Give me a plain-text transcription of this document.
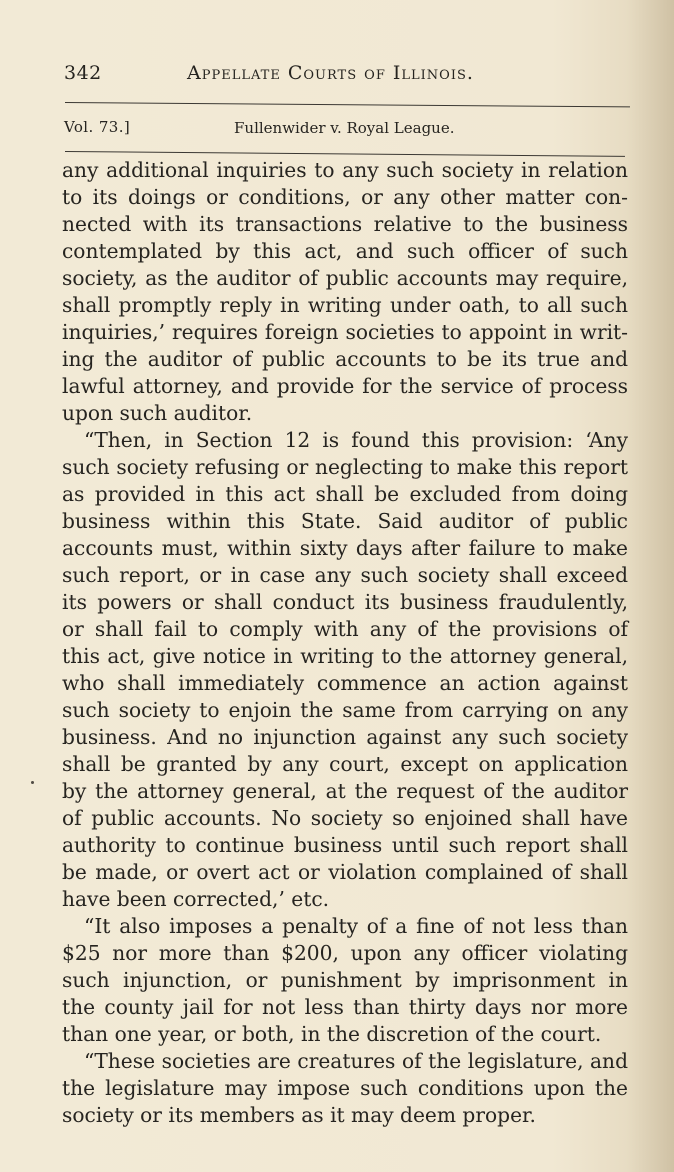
342	Appellate Courts of Illinois.
Vol. 73.]	Fullenwider v. Royal League.
any additional inquiries to any such society in relation
to its doings or conditions, or any other matter con-
nected with its transactions relative to the business
contemplated by this act, and such officer of such
society, as the auditor of public accounts may require,
shall promptly reply in writing under oath, to all such
inquiries,’ requires foreign societies to appoint in writ-
ing the auditor of public accounts to be its true and
lawful attorney, and provide for the service of process
upon such auditor.
“Then, in Section 12 is found this provision: ‘Any
such society refusing or neglecting to make this report
as provided in this act shall be excluded from doing
business within this State. Said auditor of public
accounts must, within sixty days after failure to make
such report, or in case any such society shall exceed
its powers or shall conduct its business fraudulently,
or shall fail to comply with any of the provisions of
this act, give notice in writing to the attorney general,
who shall immediately commence an action against
such society to enjoin the same from carrying on any
business. And no injunction against any such society
shall be granted by any court, except on application
by the attorney general, at the request of the auditor
of public accounts. No society so enjoined shall have
authority to continue business until such report shall
be made, or overt act or violation complained of shall
have been corrected,’ etc.
“It also imposes a penalty of a fine of not less than
$25 nor more than $200, upon any officer violating
such injunction, or punishment by imprisonment in
the county jail for not less than thirty days nor more
than one year, or both, in the discretion of the court.
“These societies are creatures of the legislature, and
the legislature may impose such conditions upon the
society or its members as it may deem proper.
